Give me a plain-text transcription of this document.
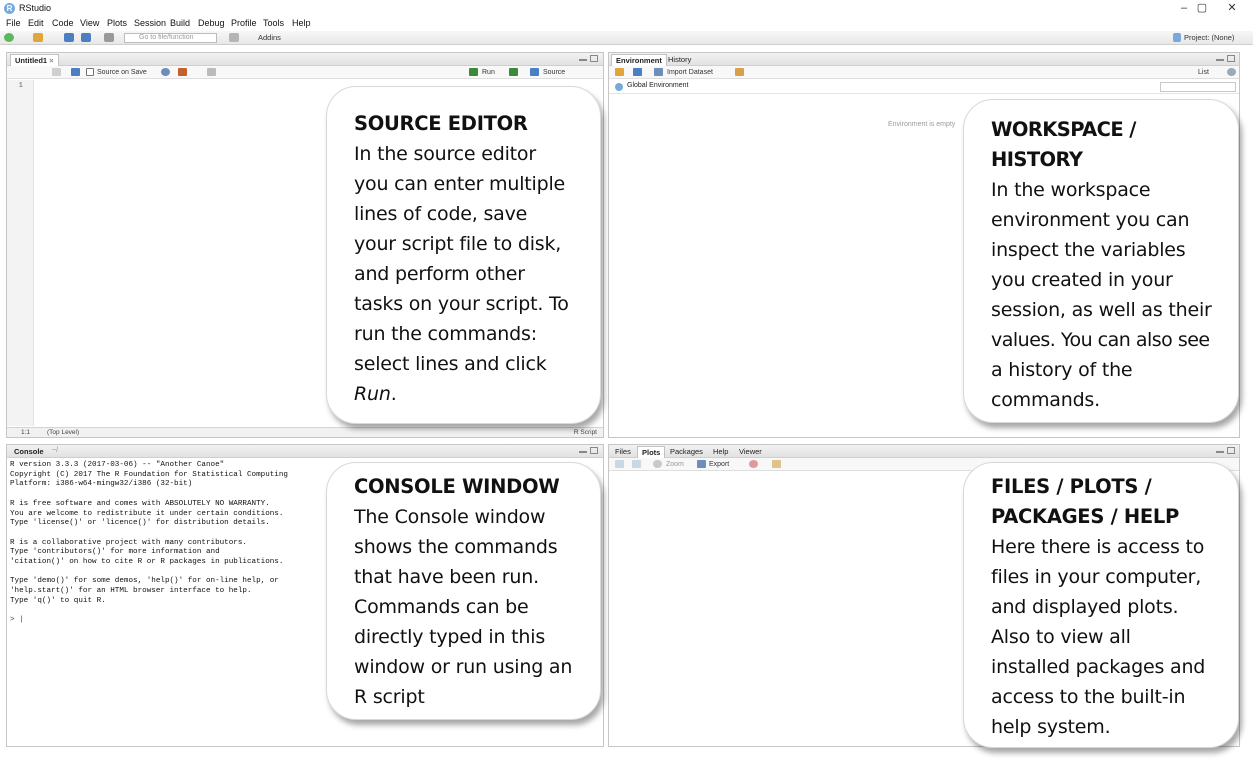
R RStudio	– ▢	✕
File Edit Code View Plots Session Build Debug Profile Tools Help
Go to file/function	Addins	Project: (None)
Untitled1 ×
Source on Save	Run	Source
1
1:1	(Top Level)	R Script
Environment History
Import Dataset	List
Global Environment
Environment is empty
Console	~/
R version 3.3.3 (2017-03-06) -- "Another Canoe"
Copyright (C) 2017 The R Foundation for Statistical Computing
Platform: i386-w64-mingw32/i386 (32-bit)

R is free software and comes with ABSOLUTELY NO WARRANTY.
You are welcome to redistribute it under certain conditions.
Type 'license()' or 'licence()' for distribution details.

R is a collaborative project with many contributors.
Type 'contributors()' for more information and
'citation()' on how to cite R or R packages in publications.

Type 'demo()' for some demos, 'help()' for on-line help, or
'help.start()' for an HTML browser interface to help.
Type 'q()' to quit R.

> |
Files	Plots	Packages	Help	Viewer
Zoom	Export
SOURCE EDITOR
In the source editor
you can enter multiple
lines of code, save
your script file to disk,
and perform other
tasks on your script. To
run the commands:
select lines and click
Run.
WORKSPACE / HISTORY
In the workspace
environment you can
inspect the variables
you created in your
session, as well as their
values. You can also see
a history of the
commands.
CONSOLE WINDOW
The Console window
shows the commands
that have been run.
Commands can be
directly typed in this
window or run using an
R script
FILES / PLOTS /
PACKAGES / HELP
Here there is access to
files in your computer,
and displayed plots.
Also to view all
installed packages and
access to the built-in
help system.
